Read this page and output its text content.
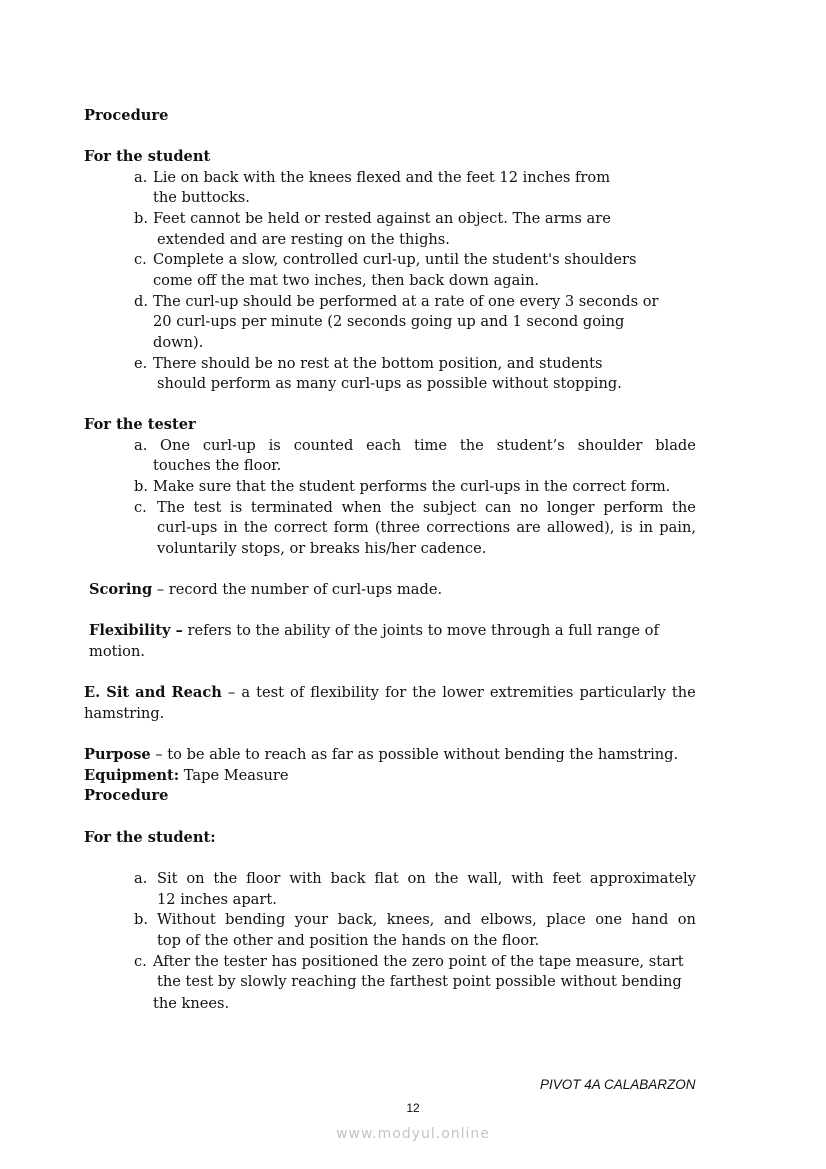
Procedure
For the student
a. Lie on back with the knees flexed and the feet 12 inches from
the buttocks.
b. Feet cannot be held or rested against an object. The arms are
extended and are resting on the thighs.
c. Complete a slow, controlled curl-up, until the student's shoulders
come off the mat two inches, then back down again.
d. The curl-up should be performed at a rate of one every 3 seconds or
20 curl-ups per minute (2 seconds going up and 1 second going
down).
e. There should be no rest at the bottom position, and students
should perform as many curl-ups as possible without stopping.
For the tester
a. One curl-up is counted each time the student’s shoulder blade
touches the floor.
b. Make sure that the student performs the curl-ups in the correct form.
c. The test is terminated when the subject can no longer perform the
curl-ups in the correct form (three corrections are allowed), is in pain,
voluntarily stops, or breaks his/her cadence.
Scoring – record the number of curl-ups made.
Flexibility – refers to the ability of the joints to move through a full range of
motion.
E. Sit and Reach – a test of flexibility for the lower extremities particularly the
hamstring.
Purpose – to be able to reach as far as possible without bending the hamstring.
Equipment: Tape Measure
Procedure
For the student:
a. Sit on the floor with back flat on the wall, with feet approximately
12 inches apart.
b. Without bending your back, knees, and elbows, place one hand on
top of the other and position the hands on the floor.
c. After the tester has positioned the zero point of the tape measure, start
the test by slowly reaching the farthest point possible without bending
the knees.
PIVOT 4A CALABARZON
12
www.modyul.online
